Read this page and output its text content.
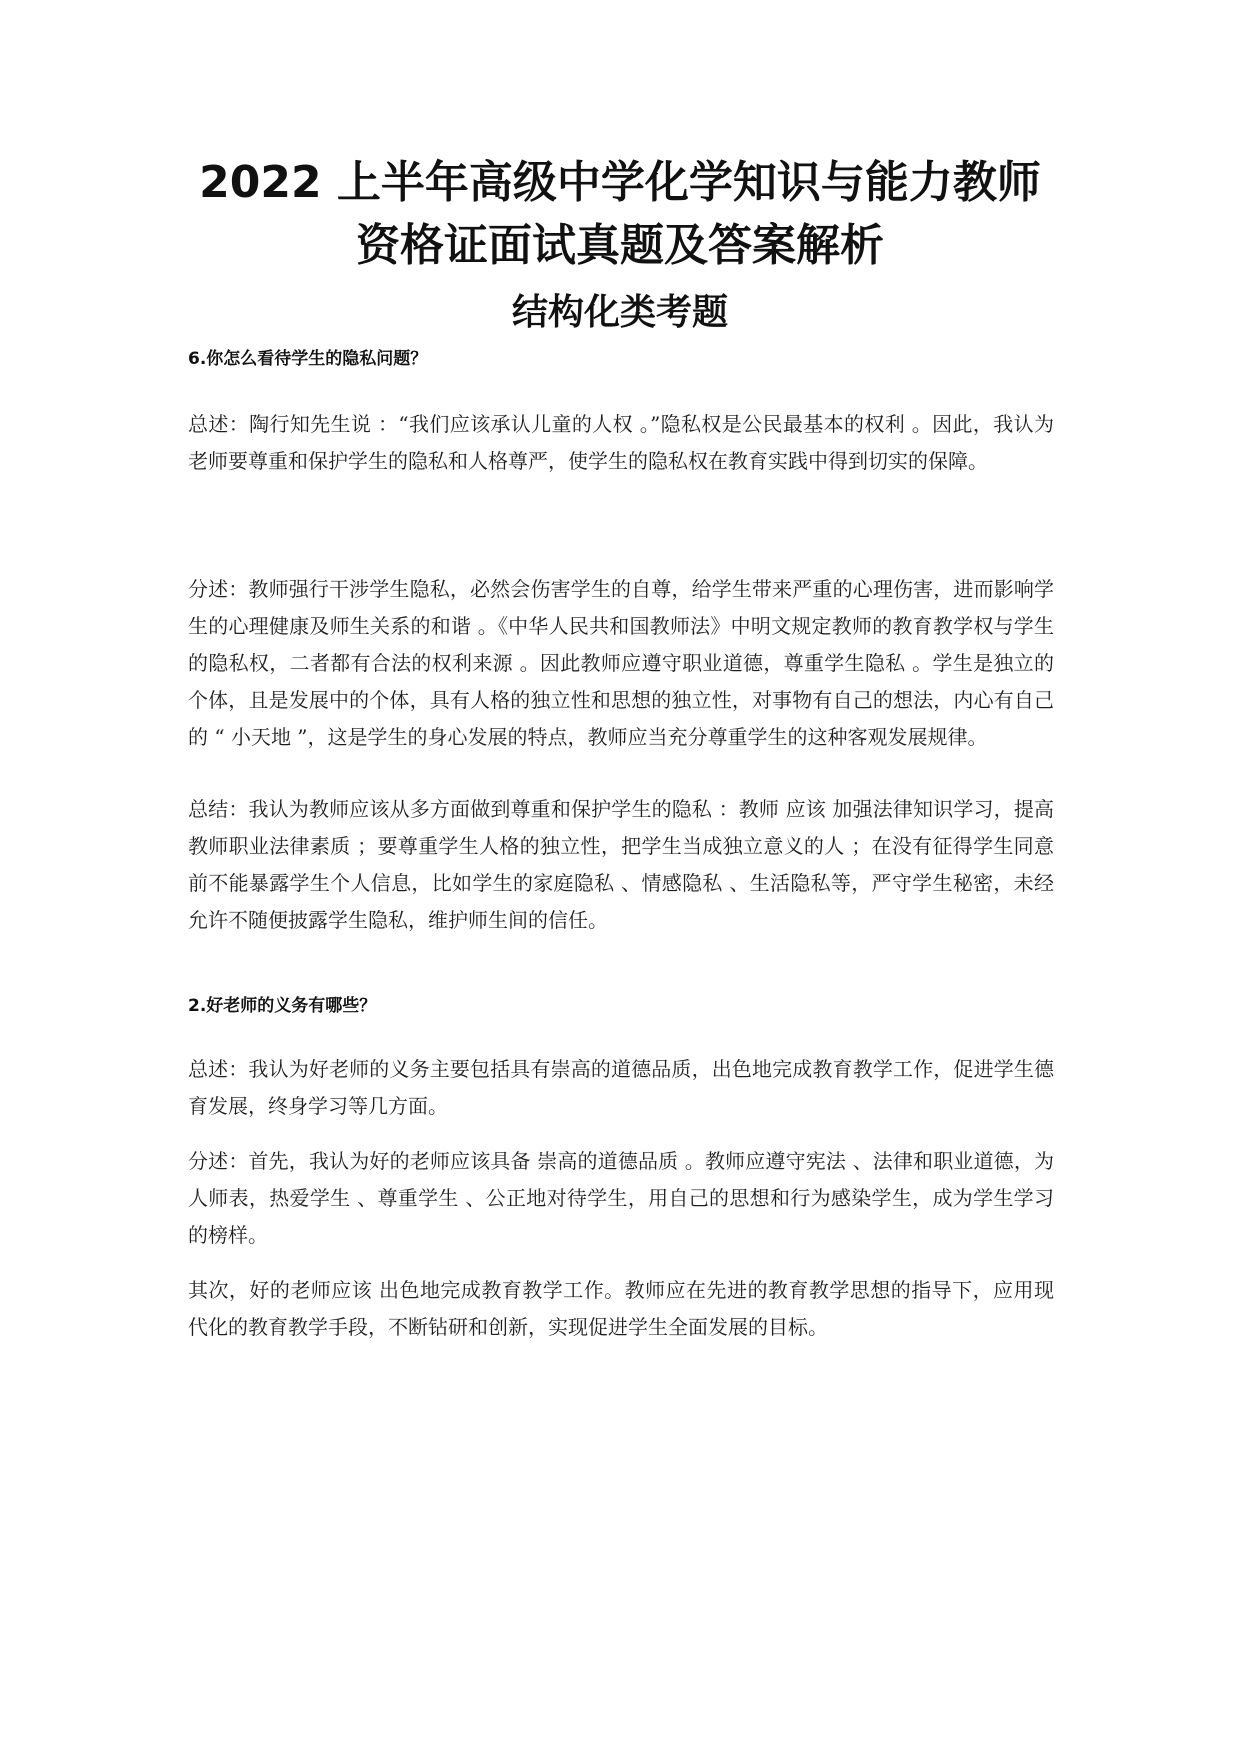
2022 上半年高级中学化学知识与能力教师
资格证面试真题及答案解析
结构化类考题

6.你怎么看待学生的隐私问题？

总述：陶行知先生说 ：“我们应该承认儿童的人权 。”隐私权是公民最基本的权利 。因此，我认为老师要尊重和保护学生的隐私和人格尊严，使学生的隐私权在教育实践中得到切实的保障。

分述：教师强行干涉学生隐私，必然会伤害学生的自尊，给学生带来严重的心理伤害，进而影响学生的心理健康及师生关系的和谐 。《中华人民共和国教师法》中明文规定教师的教育教学权与学生的隐私权，二者都有合法的权利来源 。因此教师应遵守职业道德，尊重学生隐私 。学生是独立的个体，且是发展中的个体，具有人格的独立性和思想的独立性，对事物有自己的想法，内心有自己的 “ 小天地 ”，这是学生的身心发展的特点，教师应当充分尊重学生的这种客观发展规律。

总结：我认为教师应该从多方面做到尊重和保护学生的隐私 ：教师 应该 加强法律知识学习，提高教师职业法律素质 ；要尊重学生人格的独立性，把学生当成独立意义的人 ；在没有征得学生同意前不能暴露学生个人信息，比如学生的家庭隐私 、情感隐私 、生活隐私等，严守学生秘密，未经允许不随便披露学生隐私，维护师生间的信任。

2.好老师的义务有哪些？

总述：我认为好老师的义务主要包括具有崇高的道德品质，出色地完成教育教学工作，促进学生德育发展，终身学习等几方面。

分述：首先，我认为好的老师应该具备 崇高的道德品质 。教师应遵守宪法 、法律和职业道德，为人师表，热爱学生 、尊重学生 、公正地对待学生，用自己的思想和行为感染学生，成为学生学习的榜样。

其次，好的老师应该 出色地完成教育教学工作。教师应在先进的教育教学思想的指导下，应用现代化的教育教学手段，不断钻研和创新，实现促进学生全面发展的目标。
